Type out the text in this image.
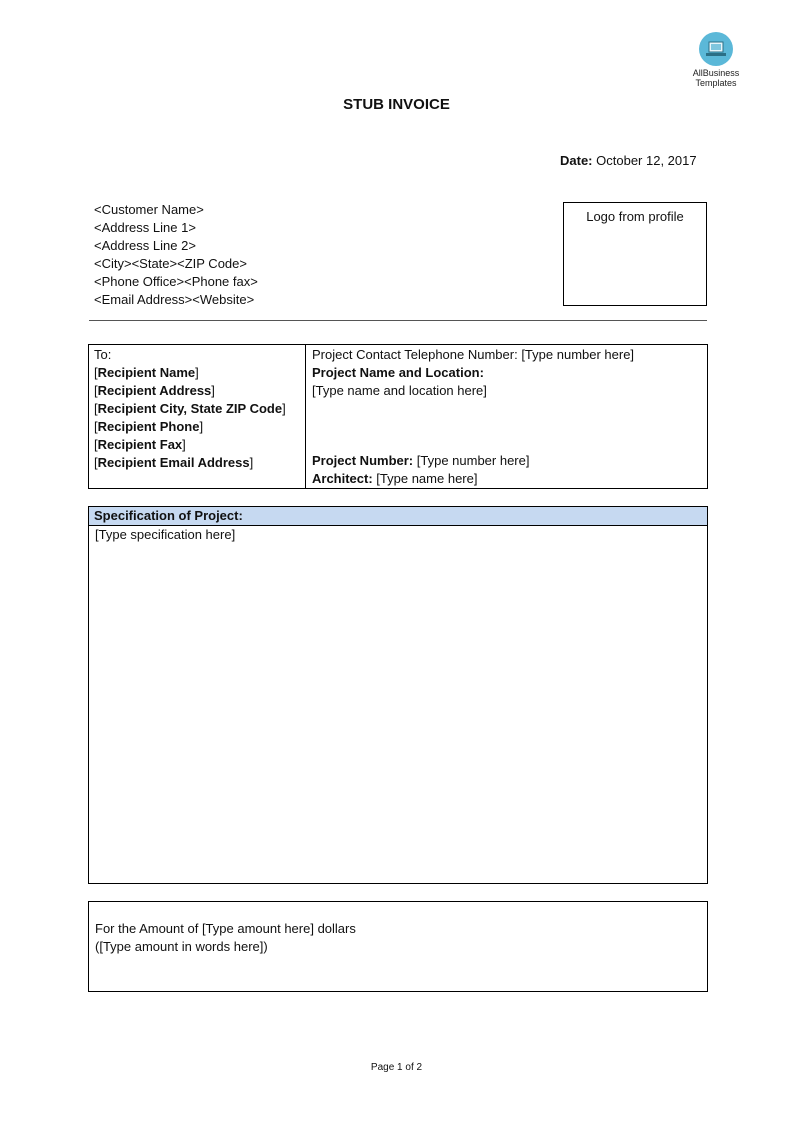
AllBusiness
Templates
STUB INVOICE
Date: October 12, 2017
<Customer Name>
<Address Line 1>
<Address Line 2>
<City><State><ZIP Code>
<Phone Office><Phone fax>
<Email Address><Website>
Logo from profile
To:
[Recipient Name]
[Recipient Address]
[Recipient City, State ZIP Code]
[Recipient Phone]
[Recipient Fax]
[Recipient Email Address]
Project Contact Telephone Number: [Type number here]
Project Name and Location:
[Type name and location here]
Project Number: [Type number here]
Architect: [Type name here]
Specification of Project:
[Type specification here]
For the Amount of [Type amount here] dollars
([Type amount in words here])
Page 1 of 2
